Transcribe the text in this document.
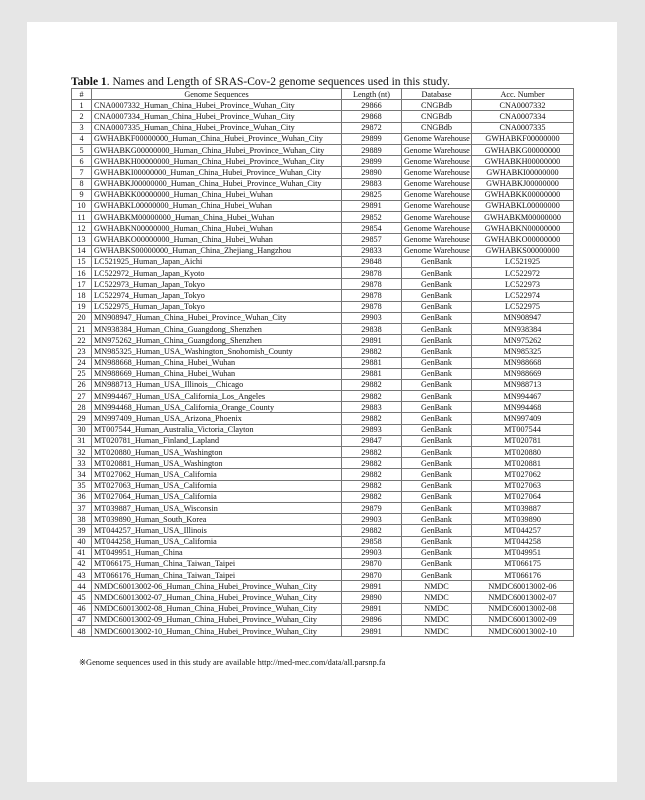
Table 1. Names and Length of SRAS-Cov-2 genome sequences used in this study.

#	Genome Sequences	Length (nt)	Database	Acc. Number
1	CNA0007332_Human_China_Hubei_Province_Wuhan_City	29866	CNGBdb	CNA0007332
2	CNA0007334_Human_China_Hubei_Province_Wuhan_City	29868	CNGBdb	CNA0007334
3	CNA0007335_Human_China_Hubei_Province_Wuhan_City	29872	CNGBdb	CNA0007335
4	GWHABKF00000000_Human_China_Hubei_Province_Wuhan_City	29899	Genome Warehouse	GWHABKF00000000
5	GWHABKG00000000_Human_China_Hubei_Province_Wuhan_City	29889	Genome Warehouse	GWHABKG00000000
6	GWHABKH00000000_Human_China_Hubei_Province_Wuhan_City	29899	Genome Warehouse	GWHABKH00000000
7	GWHABKI00000000_Human_China_Hubei_Province_Wuhan_City	29890	Genome Warehouse	GWHABKI00000000
8	GWHABKJ00000000_Human_China_Hubei_Province_Wuhan_City	29883	Genome Warehouse	GWHABKJ00000000
9	GWHABKK00000000_Human_China_Hubei_Wuhan	29825	Genome Warehouse	GWHABKK00000000
10	GWHABKL00000000_Human_China_Hubei_Wuhan	29891	Genome Warehouse	GWHABKL00000000
11	GWHABKM00000000_Human_China_Hubei_Wuhan	29852	Genome Warehouse	GWHABKM00000000
12	GWHABKN00000000_Human_China_Hubei_Wuhan	29854	Genome Warehouse	GWHABKN00000000
13	GWHABKO00000000_Human_China_Hubei_Wuhan	29857	Genome Warehouse	GWHABKO00000000
14	GWHABKS00000000_Human_China_Zhejiang_Hangzhou	29833	Genome Warehouse	GWHABKS00000000
15	LC521925_Human_Japan_Aichi	29848	GenBank	LC521925
16	LC522972_Human_Japan_Kyoto	29878	GenBank	LC522972
17	LC522973_Human_Japan_Tokyo	29878	GenBank	LC522973
18	LC522974_Human_Japan_Tokyo	29878	GenBank	LC522974
19	LC522975_Human_Japan_Tokyo	29878	GenBank	LC522975
20	MN908947_Human_China_Hubei_Province_Wuhan_City	29903	GenBank	MN908947
21	MN938384_Human_China_Guangdong_Shenzhen	29838	GenBank	MN938384
22	MN975262_Human_China_Guangdong_Shenzhen	29891	GenBank	MN975262
23	MN985325_Human_USA_Washington_Snohomish_County	29882	GenBank	MN985325
24	MN988668_Human_China_Hubei_Wuhan	29881	GenBank	MN988668
25	MN988669_Human_China_Hubei_Wuhan	29881	GenBank	MN988669
26	MN988713_Human_USA_Illinois__Chicago	29882	GenBank	MN988713
27	MN994467_Human_USA_California_Los_Angeles	29882	GenBank	MN994467
28	MN994468_Human_USA_California_Orange_County	29883	GenBank	MN994468
29	MN997409_Human_USA_Arizona_Phoenix	29882	GenBank	MN997409
30	MT007544_Human_Australia_Victoria_Clayton	29893	GenBank	MT007544
31	MT020781_Human_Finland_Lapland	29847	GenBank	MT020781
32	MT020880_Human_USA_Washington	29882	GenBank	MT020880
33	MT020881_Human_USA_Washington	29882	GenBank	MT020881
34	MT027062_Human_USA_California	29882	GenBank	MT027062
35	MT027063_Human_USA_California	29882	GenBank	MT027063
36	MT027064_Human_USA_California	29882	GenBank	MT027064
37	MT039887_Human_USA_Wisconsin	29879	GenBank	MT039887
38	MT039890_Human_South_Korea	29903	GenBank	MT039890
39	MT044257_Human_USA_Illinois	29882	GenBank	MT044257
40	MT044258_Human_USA_California	29858	GenBank	MT044258
41	MT049951_Human_China	29903	GenBank	MT049951
42	MT066175_Human_China_Taiwan_Taipei	29870	GenBank	MT066175
43	MT066176_Human_China_Taiwan_Taipei	29870	GenBank	MT066176
44	NMDC60013002-06_Human_China_Hubei_Province_Wuhan_City	29891	NMDC	NMDC60013002-06
45	NMDC60013002-07_Human_China_Hubei_Province_Wuhan_City	29890	NMDC	NMDC60013002-07
46	NMDC60013002-08_Human_China_Hubei_Province_Wuhan_City	29891	NMDC	NMDC60013002-08
47	NMDC60013002-09_Human_China_Hubei_Province_Wuhan_City	29896	NMDC	NMDC60013002-09
48	NMDC60013002-10_Human_China_Hubei_Province_Wuhan_City	29891	NMDC	NMDC60013002-10
※Genome sequences used in this study are available http://med-mec.com/data/all.parsnp.fa
